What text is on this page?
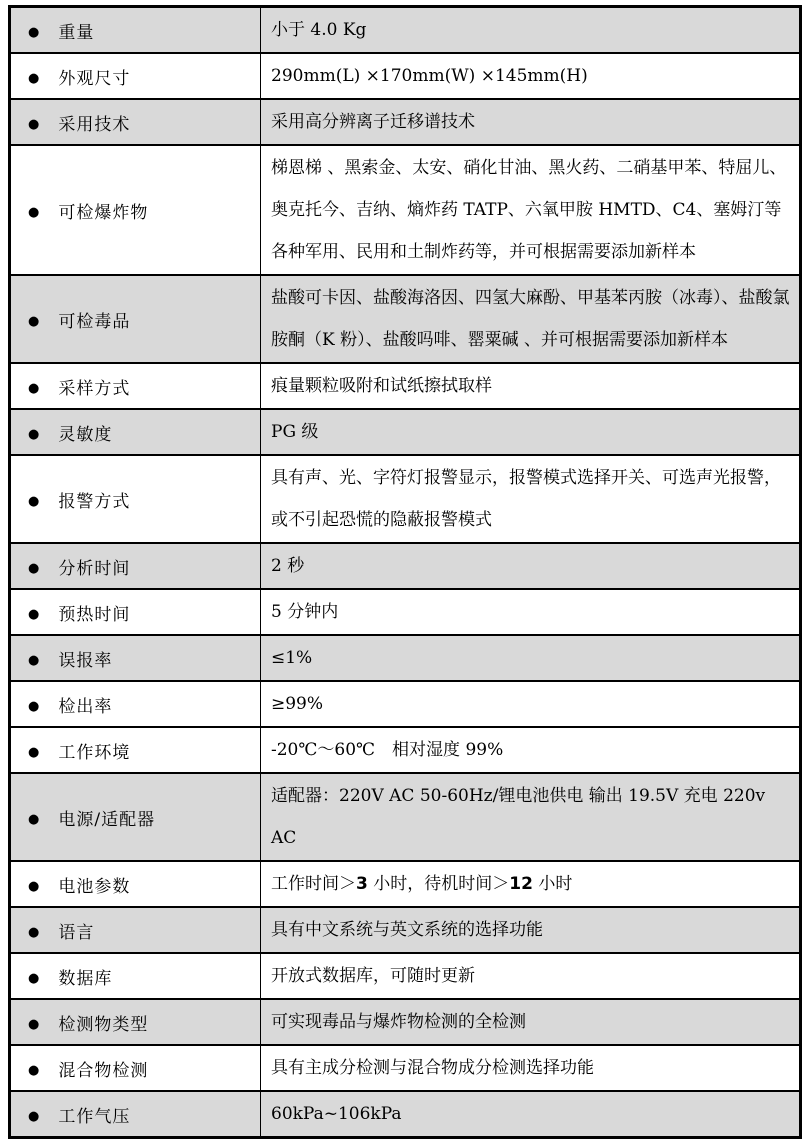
● 重量	小于 4.0 Kg
● 外观尺寸	290mm(L) ×170mm(W) ×145mm(H)
● 采用技术	采用高分辨离子迁移谱技术
● 可检爆炸物	梯恩梯 、黑索金、太安、硝化甘油、黑火药、二硝基甲苯、特屈儿、奥克托今、吉纳、熵炸药 TATP、六氧甲胺 HMTD、C4、塞姆汀等各种军用、民用和土制炸药等，并可根据需要添加新样本
● 可检毒品	盐酸可卡因、盐酸海洛因、四氢大麻酚、甲基苯丙胺（冰毒）、盐酸氯胺酮（K 粉）、盐酸吗啡、罂粟碱 、并可根据需要添加新样本
● 采样方式	痕量颗粒吸附和试纸擦拭取样
● 灵敏度	PG 级
● 报警方式	具有声、光、字符灯报警显示，报警模式选择开关、可选声光报警，或不引起恐慌的隐蔽报警模式
● 分析时间	2 秒
● 预热时间	5 分钟内
● 误报率	≤1%
● 检出率	≥99%
● 工作环境	-20℃～60℃　相对湿度 99%
● 电源/适配器	适配器：220V AC 50-60Hz/锂电池供电 输出 19.5V 充电 220v AC
● 电池参数	工作时间＞3 小时，待机时间＞12 小时
● 语言	具有中文系统与英文系统的选择功能
● 数据库	开放式数据库，可随时更新
● 检测物类型	可实现毒品与爆炸物检测的全检测
● 混合物检测	具有主成分检测与混合物成分检测选择功能
● 工作气压	60kPa~106kPa
